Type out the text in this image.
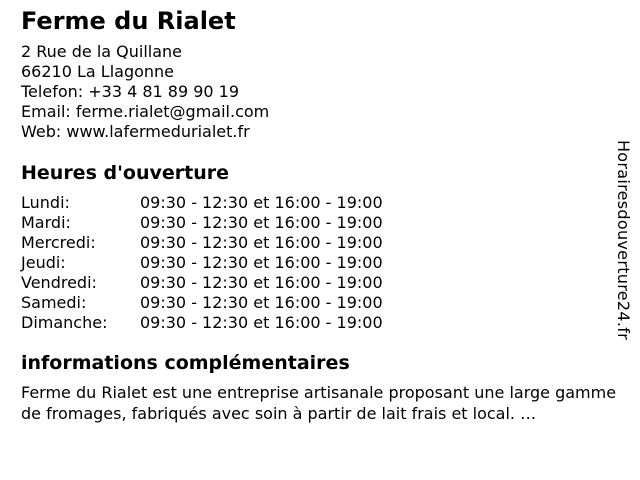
Ferme du Rialet
2 Rue de la Quillane
66210 La Llagonne
Telefon: +33 4 81 89 90 19
Email: ferme.rialet@gmail.com
Web: www.lafermedurialet.fr
Heures d'ouverture
Lundi:	09:30 - 12:30 et 16:00 - 19:00
Mardi:	09:30 - 12:30 et 16:00 - 19:00
Mercredi:	09:30 - 12:30 et 16:00 - 19:00
Jeudi:	09:30 - 12:30 et 16:00 - 19:00
Vendredi:	09:30 - 12:30 et 16:00 - 19:00
Samedi:	09:30 - 12:30 et 16:00 - 19:00
Dimanche:	09:30 - 12:30 et 16:00 - 19:00
informations complémentaires

Ferme du Rialet est une entreprise artisanale proposant une large gamme de fromages, fabriqués avec soin à partir de lait frais et local. …

Horairesdouverture24.fr
